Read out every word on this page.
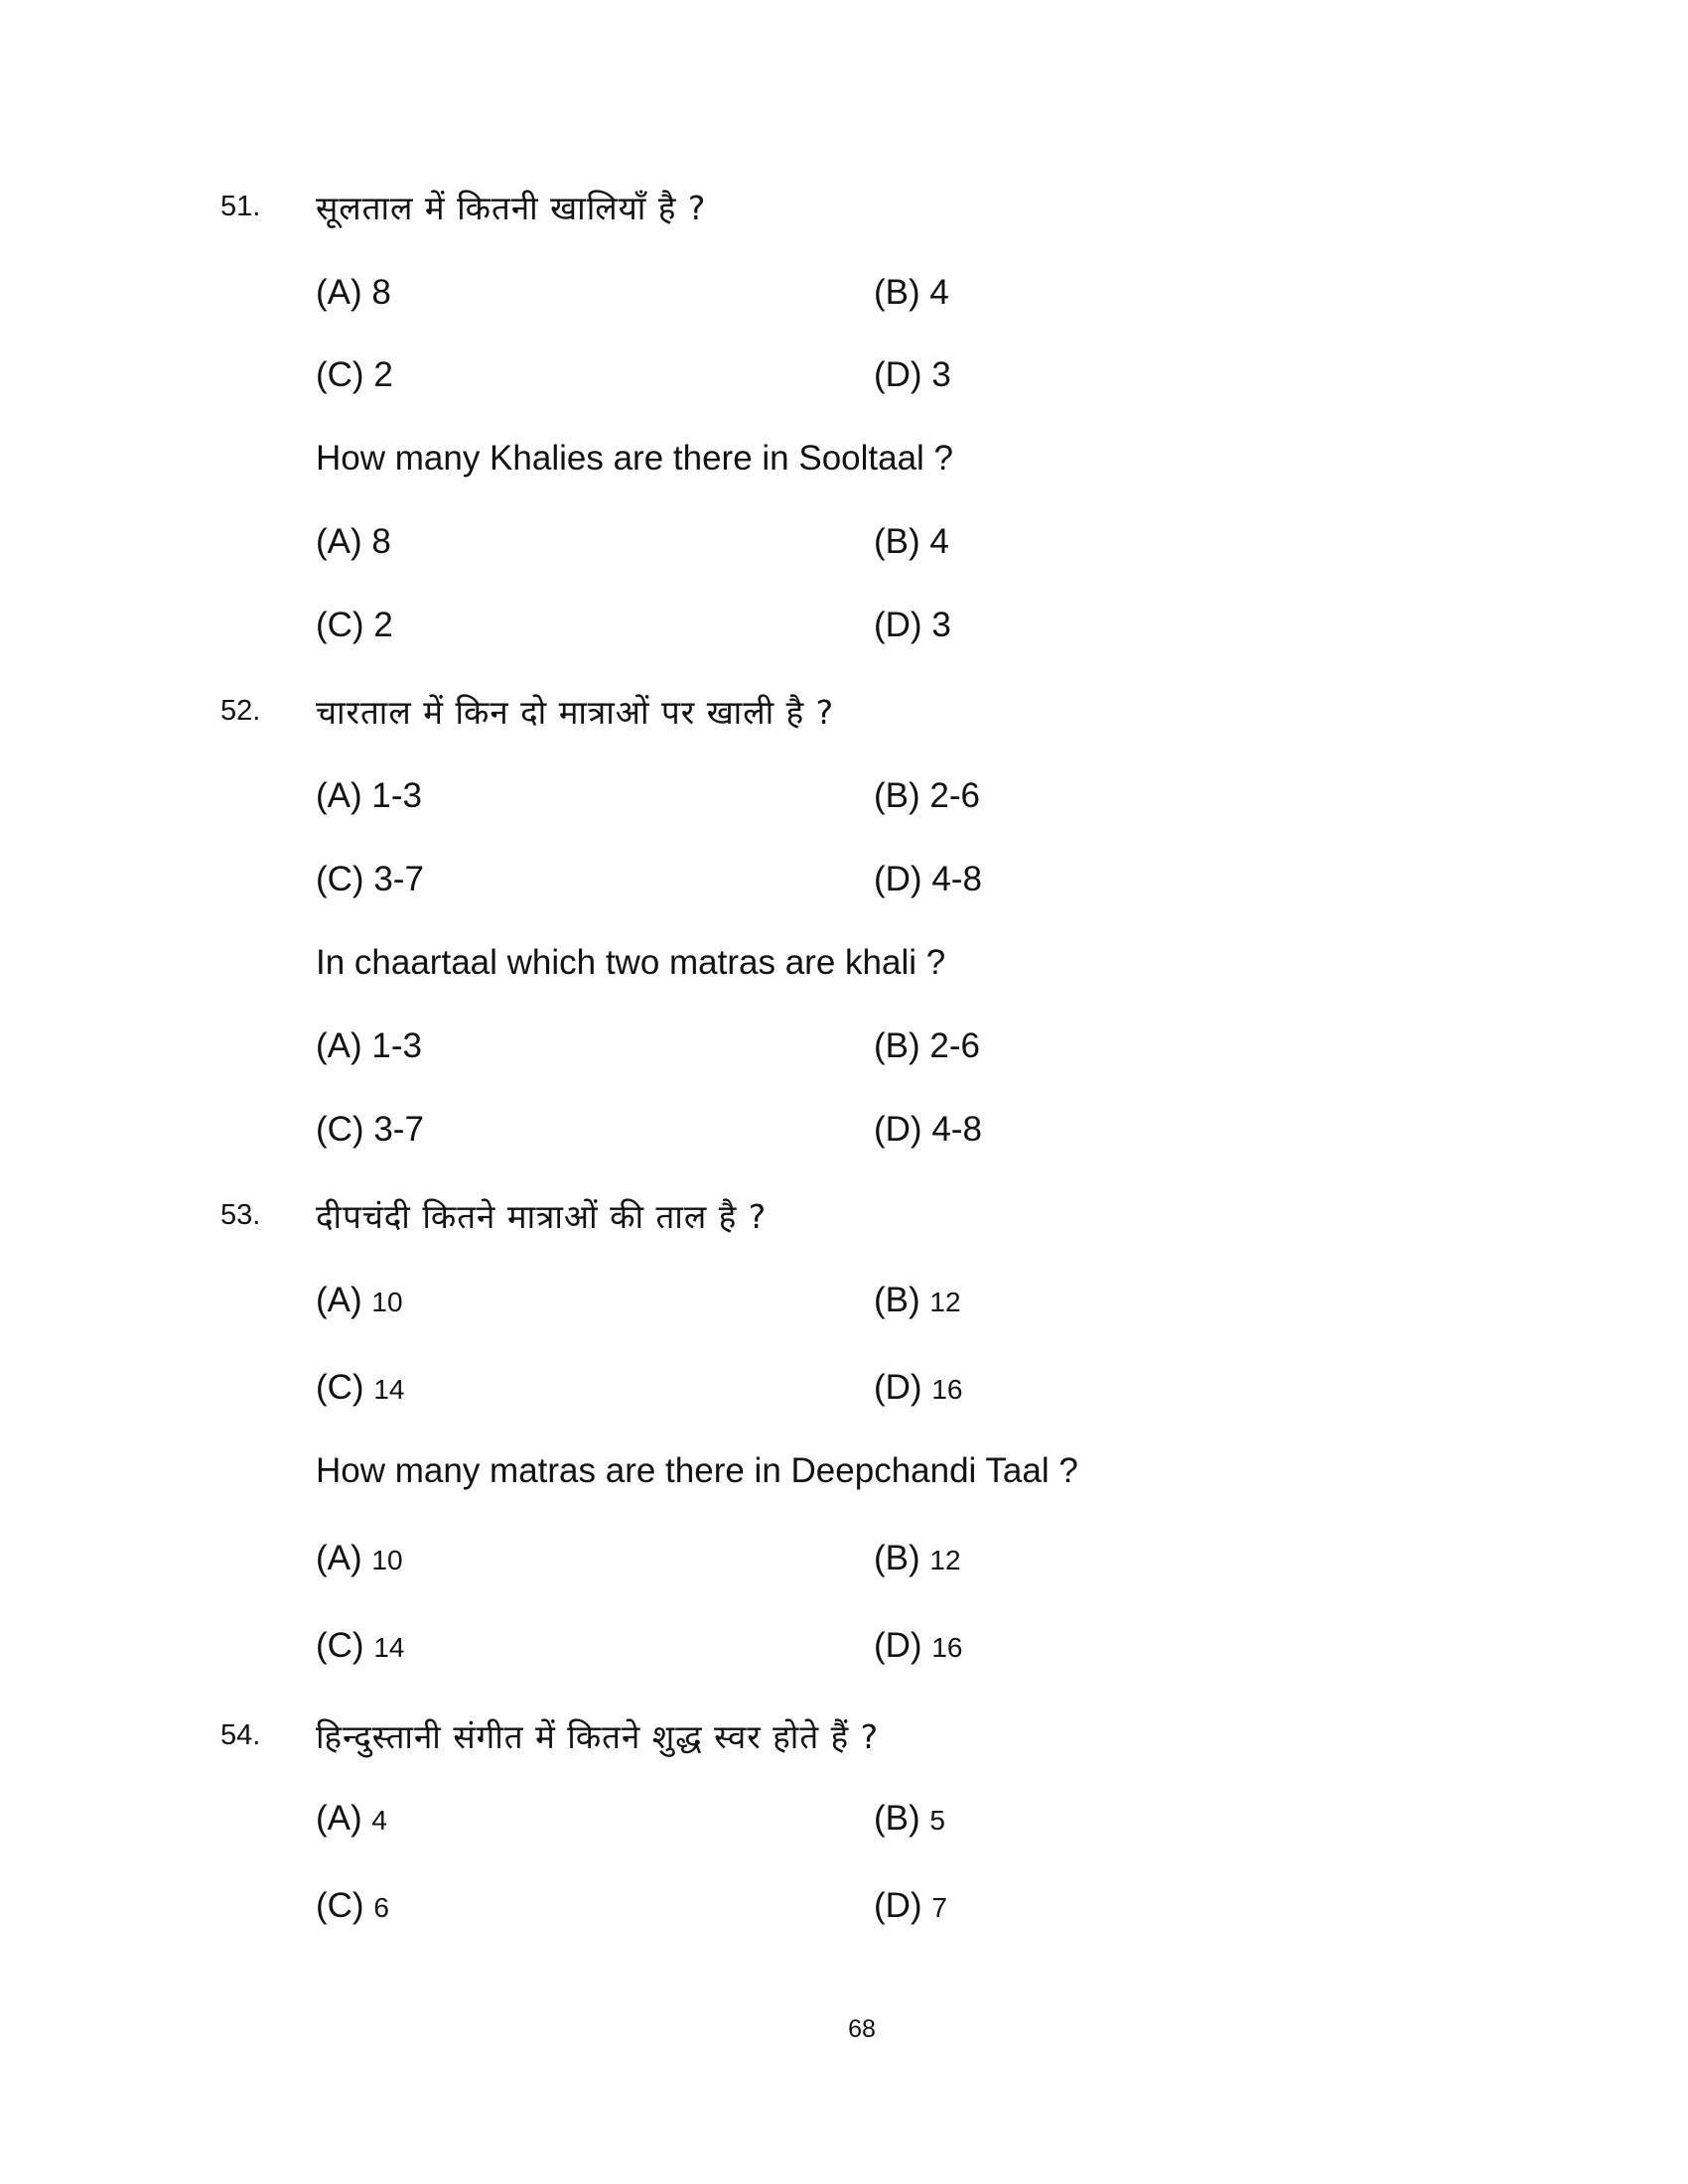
51. सूलताल में कितनी खालियाँ है ?
(A) 8	(B) 4
(C) 2	(D) 3
How many Khalies are there in Sooltaal ?
(A) 8	(B) 4
(C) 2	(D) 3
52. चारताल में किन दो मात्राओं पर खाली है ?
(A) 1-3	(B) 2-6
(C) 3-7	(D) 4-8
In chaartaal which two matras are khali ?
(A) 1-3	(B) 2-6
(C) 3-7	(D) 4-8
53. दीपचंदी कितने मात्राओं की ताल है ?
(A) 10	(B) 12
(C) 14	(D) 16
How many matras are there in Deepchandi Taal ?
(A) 10	(B) 12
(C) 14	(D) 16
54. हिन्दुस्तानी संगीत में कितने शुद्ध स्वर होते हैं ?
(A) 4	(B) 5
(C) 6	(D) 7
68
